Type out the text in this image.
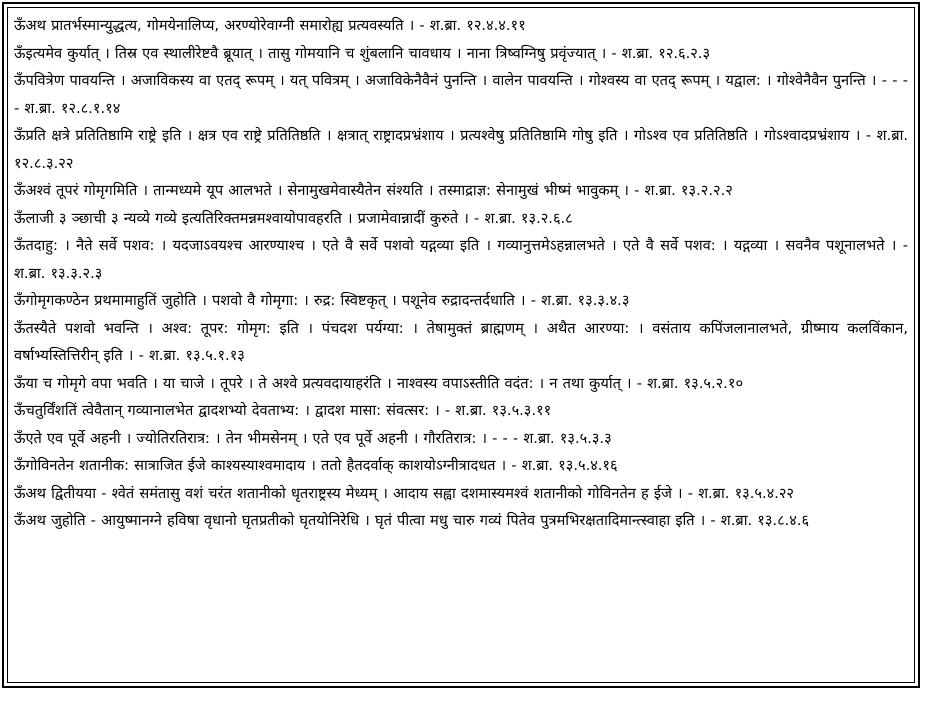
ऊँअथ प्रातर्भस्मान्युद्धत्य, गोमयेनालिप्य, अरण्योरेवाग्नी समारोह्य प्रत्यवस्यति । - श.ब्रा. १२.४.४.११

ऊँइत्यमेव कुर्यात् । तिस्र एव स्थालीरेष्टवै ब्रूयात् । तासु गोमयानि च शुंबलानि चावधाय । नाना त्रिष्वग्निषु प्रवृंज्यात् । - श.ब्रा. १२.६.२.३

ऊँपवित्रेण पावयन्ति । अजाविकस्य वा एतद् रूपम् । यत् पवित्रम् । अजाविकेनैवैनं पुनन्ति । वालेन पावयन्ति । गोश्वस्य वा एतद् रूपम् । यद्वाल: । गोश्वेनैवैन पुनन्ति । - - - - श.ब्रा. १२.८.१.१४

ऊँप्रति क्षत्रे प्रतितिष्ठामि राष्ट्रे इति । क्षत्र एव राष्ट्रे प्रतितिष्ठति । क्षत्रात् राष्ट्रादप्रभ्रंशाय । प्रत्यश्वेषु प्रतितिष्ठामि गोषु इति । गोऽश्व एव प्रतितिष्ठति । गोऽश्वादप्रभ्रंशाय । - श.ब्रा. १२.८.३.२२

ऊँअश्वं तूपरं गोमृगमिति । तान्मध्यमे यूप आलभते । सेनामुखमेवास्यैतेन संश्यति । तस्माद्राज्ञ: सेनामुखं भीष्मं भावुकम् । - श.ब्रा. १३.२.२.२

ऊँलाजी ३ ञ्छाची ३ न्यव्ये गव्ये इत्यतिरिक्तमन्नमश्वायोपावहरति । प्रजामेवान्नादीं कुरुते । - श.ब्रा. १३.२.६.८

ऊँतदाहु: । नैते सर्वे पशव: । यदजाऽवयश्च आरण्याश्च । एते वै सर्वे पशवो यद्गव्या इति । गव्यानुत्तमेऽहन्नालभते । एते वै सर्वे पशव: । यद्गव्या । सवनैव पशूनालभते । - श.ब्रा. १३.३.२.३

ऊँगोमृगकण्ठेन प्रथमामाहुतिं जुहोति । पशवो वै गोमृगा: । रुद्र: स्विष्टकृत् । पशूनेव रुद्रादन्तर्दधाति । - श.ब्रा. १३.३.४.३

ऊँतस्यैते पशवो भवन्ति । अश्व: तूपर: गोमृग: इति । पंचदश पर्यग्या: । तेषामुक्तं ब्राह्मणम् । अथैत आरण्या: । वसंताय कपिंजलानालभते, ग्रीष्माय कलविंकान, वर्षाभ्यस्तित्तिरीन् इति । - श.ब्रा. १३.५.१.१३

ऊँया च गोमृगे वपा भवति । या चाजे । तूपरे । ते अश्वे प्रत्यवदायाहरंति । नाश्वस्य वपाऽस्तीति वदंत: । न तथा कुर्यात् । - श.ब्रा. १३.५.२.१०

ऊँचतुर्विंशतिं त्वेवैतान् गव्यानालभेत द्वादशभ्यो देवताभ्य: । द्वादश मासा: संवत्सर: । - श.ब्रा. १३.५.३.११

ऊँएते एव पूर्वे अहनी । ज्योतिरतिरात्र: । तेन भीमसेनम् । एते एव पूर्वे अहनी । गौरतिरात्र: । - - - श.ब्रा. १३.५.३.३

ऊँगोविनतेन शतानीक: सात्राजित ईजे काश्यस्याश्वमादाय । ततो हैतदर्वाक् काशयोऽग्नीत्रादधत । - श.ब्रा. १३.५.४.१६

ऊँअथ द्वितीयया - श्वेतं समंतासु वशं चरंत शतानीको धृतराष्ट्रस्य मेध्यम् । आदाय सह्वा दशमास्यमश्वं शतानीको गोविनतेन ह ईजे । - श.ब्रा. १३.५.४.२२

ऊँअथ जुहोति - आयुष्मानग्ने हविषा वृधानो घृतप्रतीको घृतयोनिरेधि । घृतं पीत्वा मधु चारु गव्यं पितेव पुत्रमभिरक्षतादिमान्त्स्वाहा इति । - श.ब्रा. १३.८.४.६
